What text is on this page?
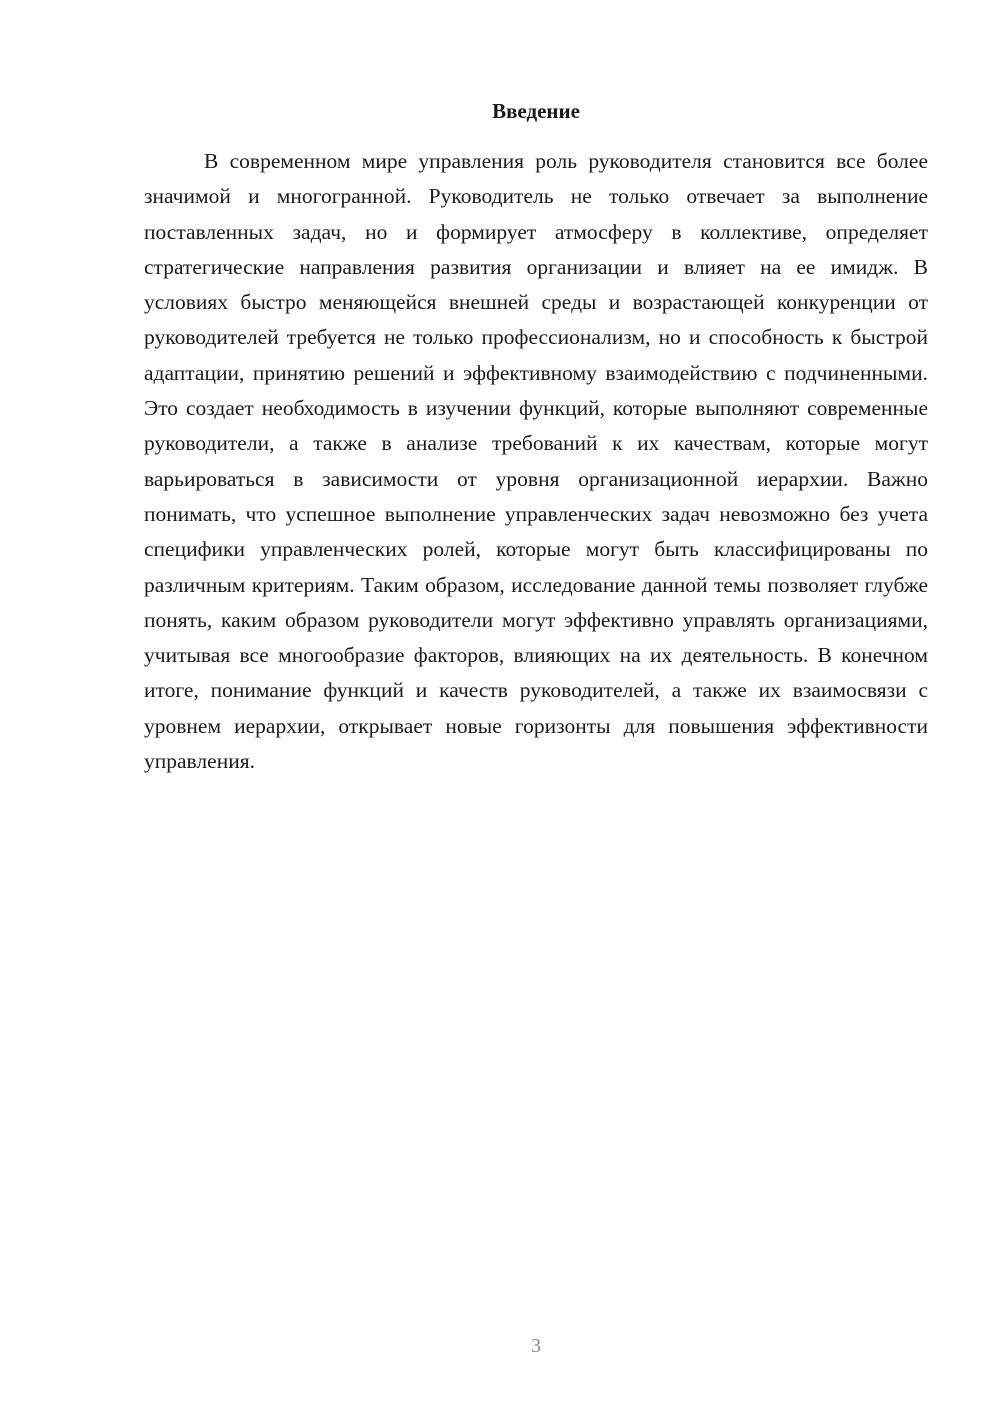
Введение

В современном мире управления роль руководителя становится все более значимой и многогранной. Руководитель не только отвечает за выполнение поставленных задач, но и формирует атмосферу в коллективе, определяет стратегические направления развития организации и влияет на ее имидж. В условиях быстро меняющейся внешней среды и возрастающей конкуренции от руководителей требуется не только профессионализм, но и способность к быстрой адаптации, принятию решений и эффективному взаимодействию с подчиненными. Это создает необходимость в изучении функций, которые выполняют современные руководители, а также в анализе требований к их качествам, которые могут варьироваться в зависимости от уровня организационной иерархии. Важно понимать, что успешное выполнение управленческих задач невозможно без учета специфики управленческих ролей, которые могут быть классифицированы по различным критериям. Таким образом, исследование данной темы позволяет глубже понять, каким образом руководители могут эффективно управлять организациями, учитывая все многообразие факторов, влияющих на их деятельность. В конечном итоге, понимание функций и качеств руководителей, а также их взаимосвязи с уровнем иерархии, открывает новые горизонты для повышения эффективности управления.

3
